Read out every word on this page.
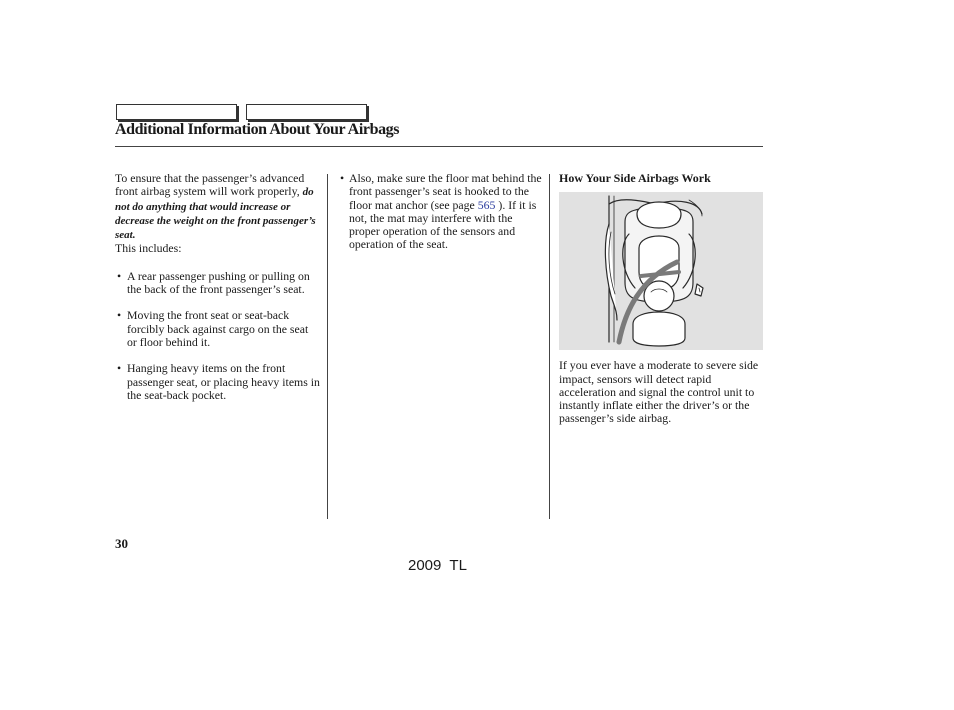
Additional Information About Your Airbags

To ensure that the passenger’s advanced front airbag system will work properly, do not do anything that would increase or decrease the weight on the front passenger’s seat.
This includes:

• A rear passenger pushing or pulling on the back of the front passenger’s seat.

• Moving the front seat or seat-back forcibly back against cargo on the seat or floor behind it.

• Hanging heavy items on the front passenger seat, or placing heavy items in the seat-back pocket.

• Also, make sure the floor mat behind the front passenger’s seat is hooked to the floor mat anchor (see page 565 ). If it is not, the mat may interfere with the proper operation of the sensors and operation of the seat.

How Your Side Airbags Work

If you ever have a moderate to severe side impact, sensors will detect rapid acceleration and signal the control unit to instantly inflate either the driver’s or the passenger’s side airbag.

30
2009  TL
